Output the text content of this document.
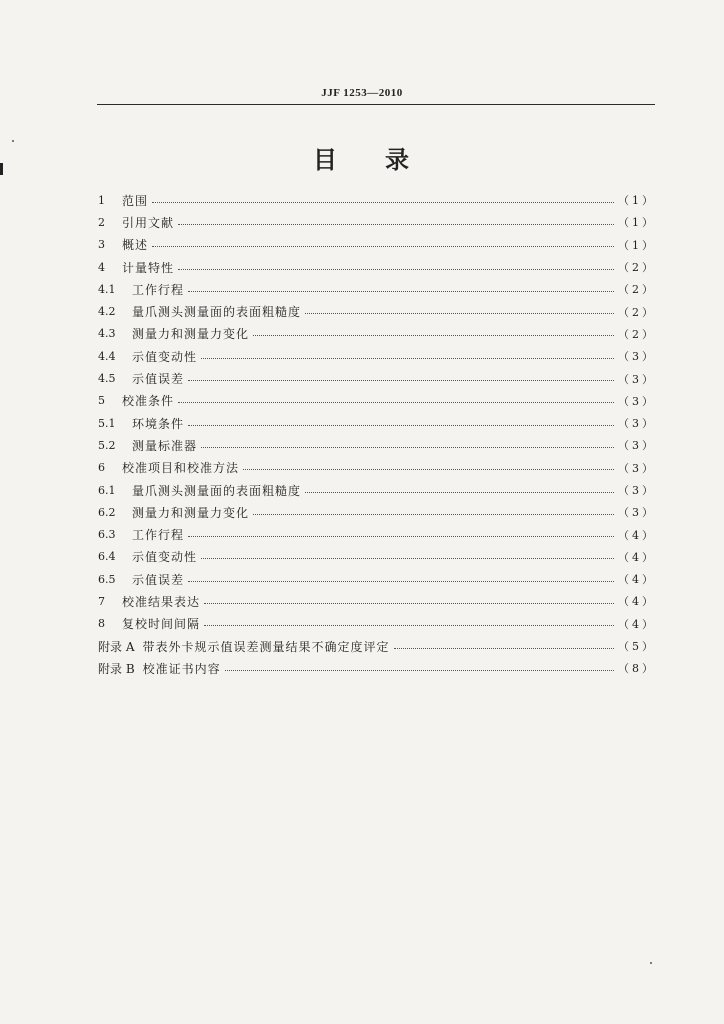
JJF 1253—2010
目 录
1	范围	（1）
2	引用文献	（1）
3	概述	（1）
4	计量特性	（2）
4.1	工作行程	（2）
4.2	量爪测头测量面的表面粗糙度	（2）
4.3	测量力和测量力变化	（2）
4.4	示值变动性	（3）
4.5	示值误差	（3）
5	校准条件	（3）
5.1	环境条件	（3）
5.2	测量标准器	（3）
6	校准项目和校准方法	（3）
6.1	量爪测头测量面的表面粗糙度	（3）
6.2	测量力和测量力变化	（3）
6.3	工作行程	（4）
6.4	示值变动性	（4）
6.5	示值误差	（4）
7	校准结果表达	（4）
8	复校时间间隔	（4）
附录 A 带表外卡规示值误差测量结果不确定度评定	（5）
附录 B 校准证书内容	（8）
